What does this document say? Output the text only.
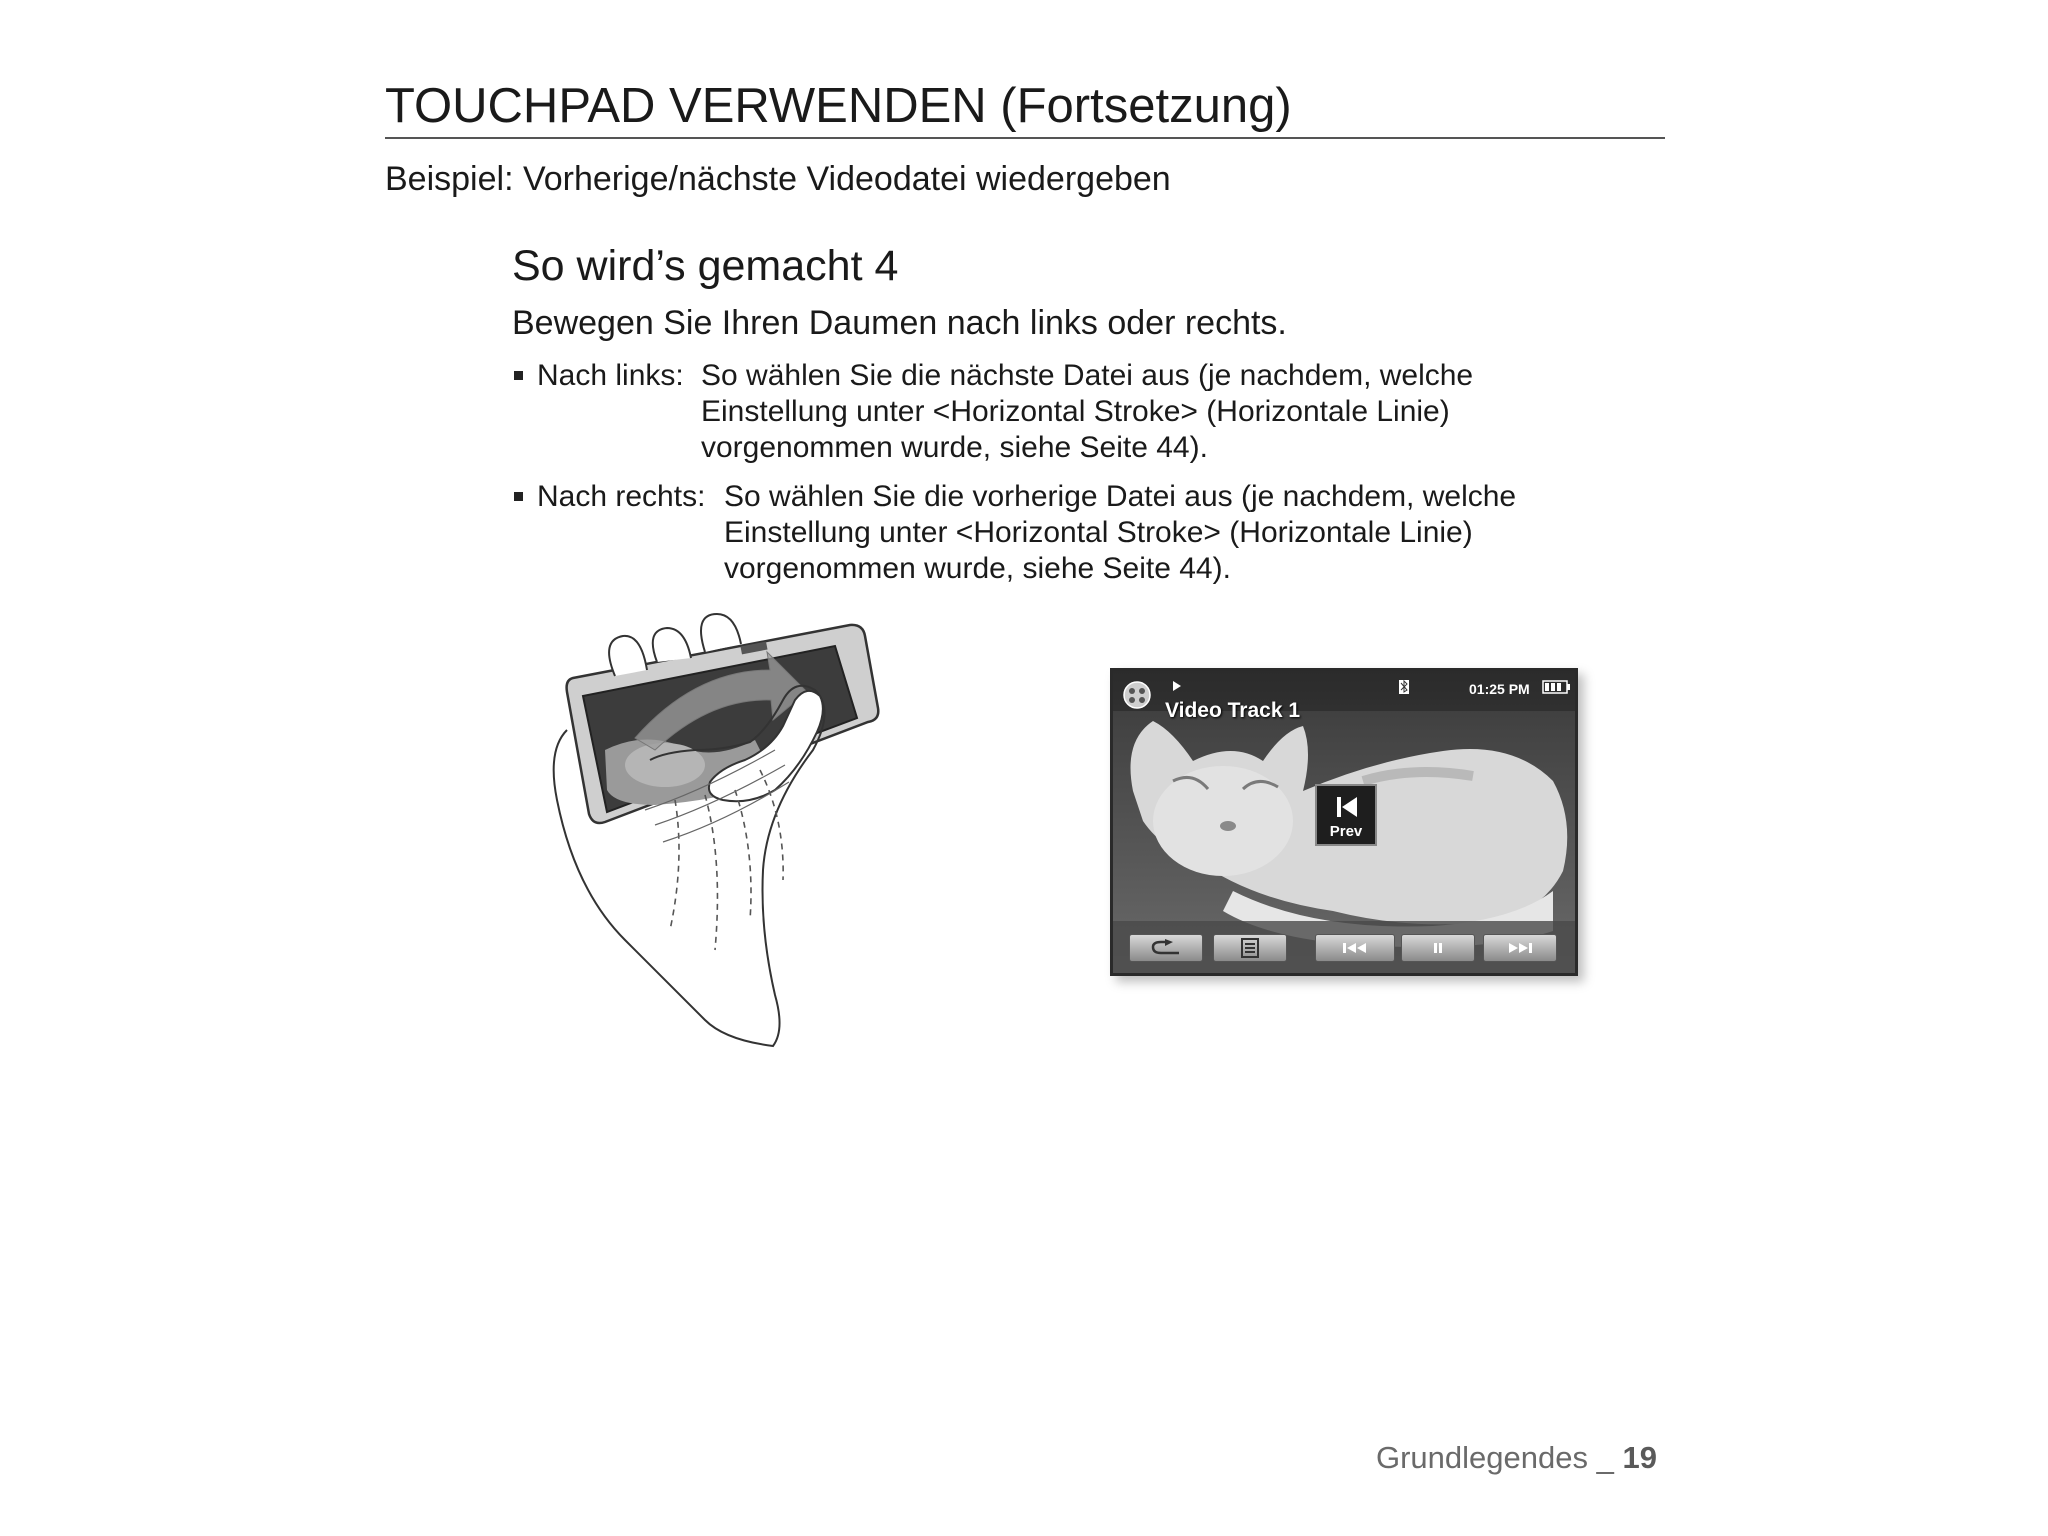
TOUCHPAD VERWENDEN (Fortsetzung)
Beispiel: Vorherige/nächste Videodatei wiedergeben
So wird’s gemacht 4
Bewegen Sie Ihren Daumen nach links oder rechts.
Nach links: So wählen Sie die nächste Datei aus (je nachdem, welche
Einstellung unter <Horizontal Stroke> (Horizontale Linie)
vorgenommen wurde, siehe Seite 44).
Nach rechts: So wählen Sie die vorherige Datei aus (je nachdem, welche
Einstellung unter <Horizontal Stroke> (Horizontale Linie)
vorgenommen wurde, siehe Seite 44).
01:25 PM
Video Track 1
Prev
Grundlegendes _ 19
